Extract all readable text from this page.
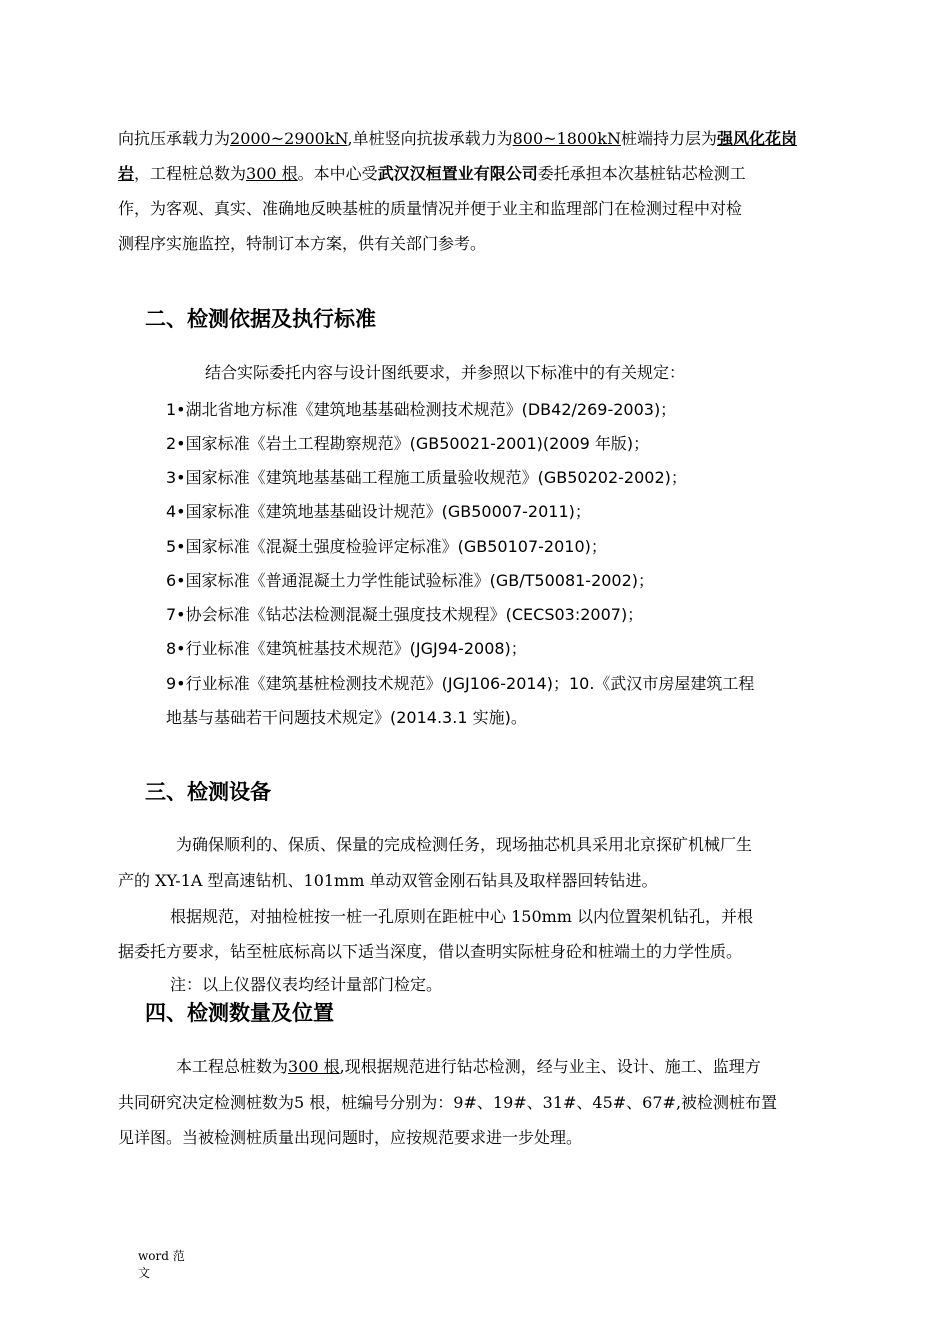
向抗压承载力为2000~2900kN,单桩竖向抗拔承载力为800~1800kN桩端持力层为强风化花岗
岩，工程桩总数为300 根。本中心受武汉汉桓置业有限公司委托承担本次基桩钻芯检测工
作，为客观、真实、准确地反映基桩的质量情况并便于业主和监理部门在检测过程中对检
测程序实施监控，特制订本方案，供有关部门参考。
二、检测依据及执行标准
结合实际委托内容与设计图纸要求，并参照以下标准中的有关规定：
1•湖北省地方标准《建筑地基基础检测技术规范》(DB42/269-2003)；
2•国家标准《岩土工程勘察规范》(GB50021-2001)(2009 年版)；
3•国家标准《建筑地基基础工程施工质量验收规范》(GB50202-2002)；
4•国家标准《建筑地基基础设计规范》(GB50007-2011)；
5•国家标准《混凝土强度检验评定标准》(GB50107-2010)；
6•国家标准《普通混凝土力学性能试验标准》(GB/T50081-2002)；
7•协会标准《钻芯法检测混凝土强度技术规程》(CECS03:2007)；
8•行业标准《建筑桩基技术规范》(JGJ94-2008)；
9•行业标准《建筑基桩检测技术规范》(JGJ106-2014)；10.《武汉市房屋建筑工程
地基与基础若干问题技术规定》(2014.3.1 实施)。
三、检测设备
为确保顺利的、保质、保量的完成检测任务，现场抽芯机具采用北京探矿机械厂生
产的 XY-1A 型高速钻机、101mm 单动双管金刚石钻具及取样器回转钻进。
根据规范，对抽检桩按一桩一孔原则在距桩中心 150mm 以内位置架机钻孔，并根
据委托方要求，钻至桩底标高以下适当深度，借以查明实际桩身砼和桩端土的力学性质。
注：以上仪器仪表均经计量部门检定。
四、检测数量及位置
本工程总桩数为300 根,现根据规范进行钻芯检测，经与业主、设计、施工、监理方
共同研究决定检测桩数为5 根，桩编号分别为：9#、19#、31#、45#、67#,被检测桩布置
见详图。当被检测桩质量出现问题时，应按规范要求进一步处理。
word 范
文
